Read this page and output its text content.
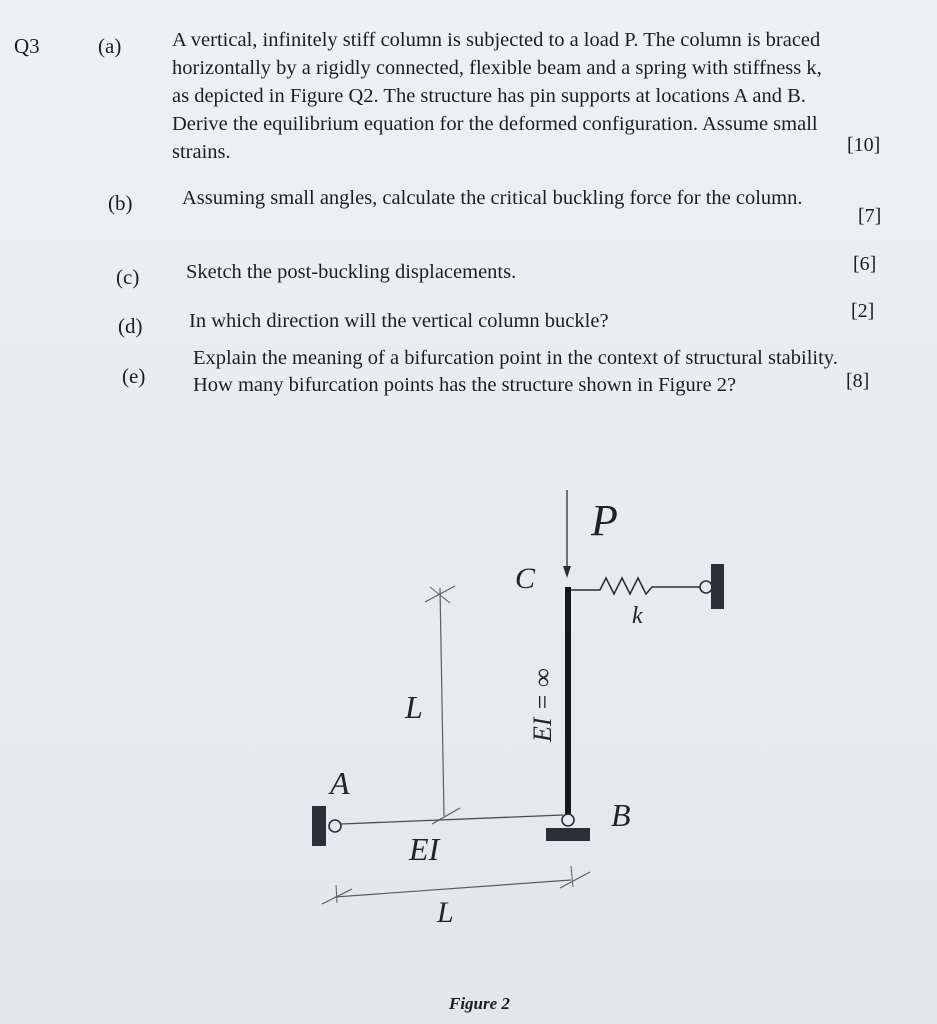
Q3	(a) A vertical, infinitely stiff column is subjected to a load P. The column is braced
horizontally by a rigidly connected, flexible beam and a spring with stiffness k,
as depicted in Figure Q2. The structure has pin supports at locations A and B.
Derive the equilibrium equation for the deformed configuration. Assume small
strains.	[10]
(b) Assuming small angles, calculate the critical buckling force for the column.
[7]
(c) Sketch the post-buckling displacements.	[6]
(d) In which direction will the vertical column buckle?	[2]
(e)
Explain the meaning of a bifurcation point in the context of structural stability.
How many bifurcation points has the structure shown in Figure 2?	[8]
P
C
k
EI = ∞
L
A
EI
B
L
Figure 2
